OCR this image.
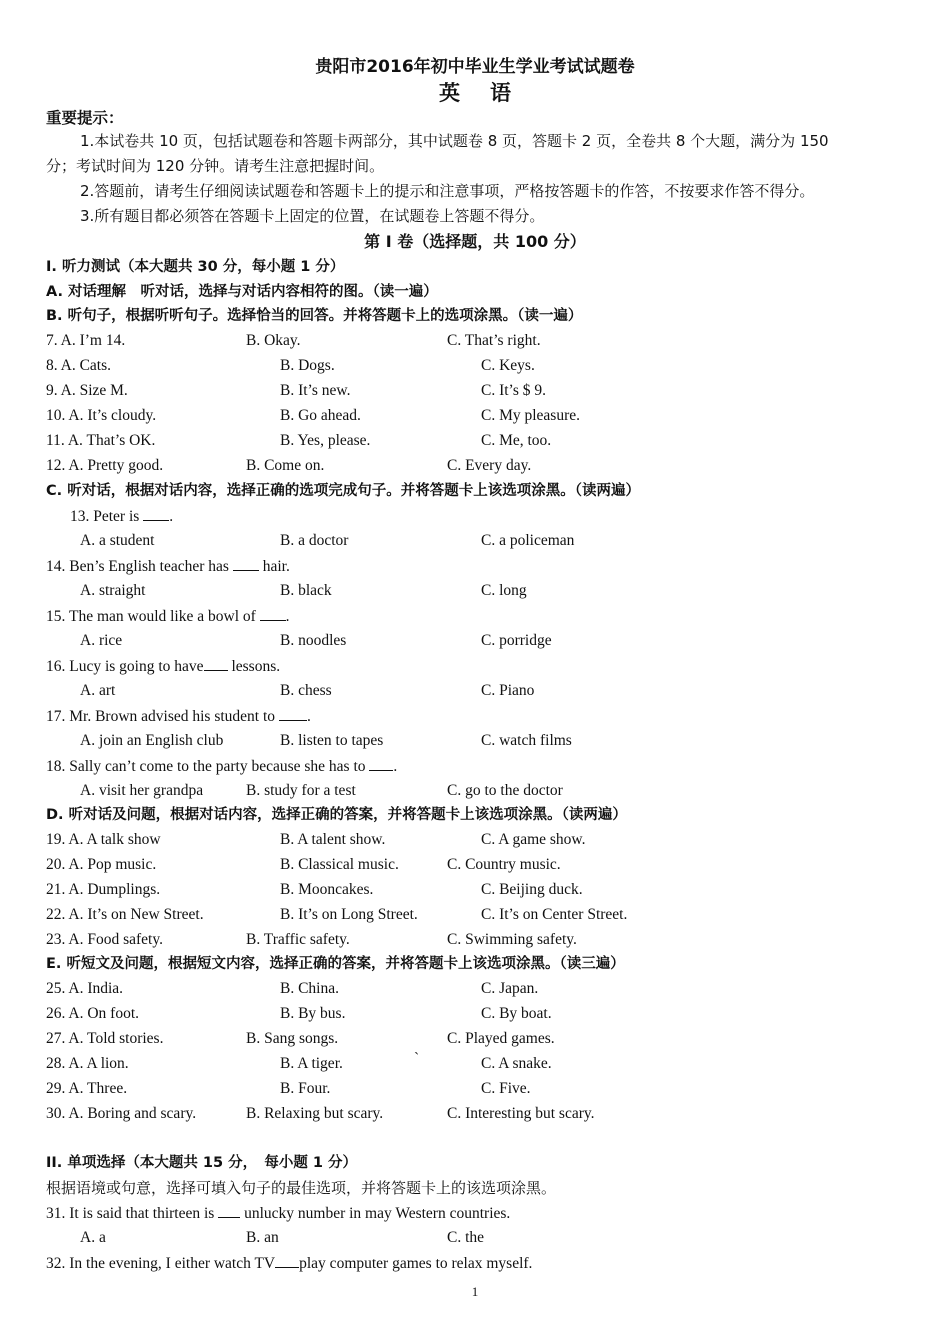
贵阳市2016年初中毕业生学业考试试题卷
英语
重要提示：
1.本试卷共 10 页，包括试题卷和答题卡两部分，其中试题卷 8 页，答题卡 2 页，全卷共 8 个大题，满分为 150
分；考试时间为 120 分钟。请考生注意把握时间。
2.答题前，请考生仔细阅读试题卷和答题卡上的提示和注意事项，严格按答题卡的作答，不按要求作答不得分。
3.所有题目都必须答在答题卡上固定的位置，在试题卷上答题不得分。
第 I 卷（选择题，共 100 分）
Ⅰ. 听力测试（本大题共 30 分，每小题 1 分）
A. 对话理解　听对话，选择与对话内容相符的图。（读一遍）
B. 听句子，根据听听句子。选择恰当的回答。并将答题卡上的选项涂黑。（读一遍）
7. A. I’m 14.	B. Okay.	C. That’s right.
8. A. Cats.	B. Dogs.	C. Keys.
9. A. Size M.	B. It’s new.	C. It’s $ 9.
10. A. It’s cloudy.	B. Go ahead.	C. My pleasure.
11. A. That’s OK.	B. Yes, please.	C. Me, too.
12. A. Pretty good.	B. Come on.	C. Every day.
C. 听对话，根据对话内容，选择正确的选项完成句子。并将答题卡上该选项涂黑。（读两遍）
13. Peter is .
A. a student	B. a doctor	C. a policeman
14. Ben’s English teacher has  hair.
A. straight	B. black	C. long
15. The man would like a bowl of .
A. rice	B. noodles	C. porridge
16. Lucy is going to have lessons.
A. art	B. chess	C. Piano
17. Mr. Brown advised his student to .
A. join an English club	B. listen to tapes	C. watch films
18. Sally can’t come to the party because she has to .
A. visit her grandpa	B. study for a test	C. go to the doctor
D. 听对话及问题，根据对话内容，选择正确的答案，并将答题卡上该选项涂黑。（读两遍）
19. A. A talk show	B. A talent show.	C. A game show.
20. A. Pop music.	B. Classical music.	C. Country music.
21. A. Dumplings.	B. Mooncakes.	C. Beijing duck.
22. A. It’s on New Street.	B. It’s on Long Street.	C. It’s on Center Street.
23. A. Food safety.	B. Traffic safety.	C. Swimming safety.
E. 听短文及问题，根据短文内容，选择正确的答案，并将答题卡上该选项涂黑。（读三遍）
25. A. India.	B. China.	C. Japan.
26. A. On foot.	B. By bus.	C. By boat.
27. A. Told stories.	B. Sang songs.	C. Played games.
28. A. A lion.	B. A tiger.	`	C. A snake.
29. A. Three.	B. Four.	C. Five.
30. A. Boring and scary.	B. Relaxing but scary.	C. Interesting but scary.
II. 单项选择（本大题共 15 分，　每小题 1 分）
根据语境或句意，选择可填入句子的最佳选项，并将答题卡上的该选项涂黑。
31. It is said that thirteen is  unlucky number in may Western countries.
A. a	B. an	C. the
32. In the evening, I either watch TV play computer games to relax myself.
1
